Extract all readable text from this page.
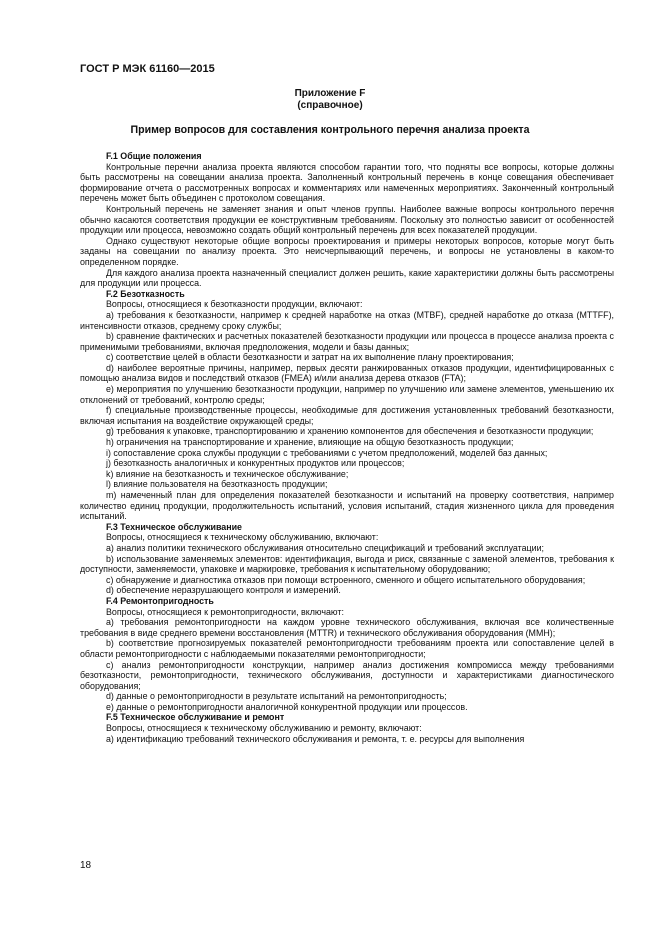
ГОСТ Р МЭК 61160—2015
Приложение F
(справочное)
Пример вопросов для составления контрольного перечня анализа проекта

F.1 Общие положения

Контрольные перечни анализа проекта являются способом гарантии того, что подняты все вопросы, которые должны быть рассмотрены на совещании анализа проекта. Заполненный контрольный перечень в конце совещания обеспечивает формирование отчета о рассмотренных вопросах и комментариях или намеченных мероприятиях. Законченный контрольный перечень может быть объединен с протоколом совещания.

Контрольный перечень не заменяет знания и опыт членов группы. Наиболее важные вопросы контрольного перечня обычно касаются соответствия продукции ее конструктивным требованиям. Поскольку это полностью зависит от особенностей продукции или процесса, невозможно создать общий контрольный перечень для всех показателей продукции.

Однако существуют некоторые общие вопросы проектирования и примеры некоторых вопросов, которые могут быть заданы на совещании по анализу проекта. Это неисчерпывающий перечень, и вопросы не установлены в каком-то определенном порядке.

Для каждого анализа проекта назначенный специалист должен решить, какие характеристики должны быть рассмотрены для продукции или процесса.

F.2 Безотказность

Вопросы, относящиеся к безотказности продукции, включают:

a) требования к безотказности, например к средней наработке на отказ (MTBF), средней наработке до отказа (MTTFF), интенсивности отказов, среднему сроку службы;

b) сравнение фактических и расчетных показателей безотказности продукции или процесса в процессе анализа проекта с применимыми требованиями, включая предположения, модели и базы данных;

c) соответствие целей в области безотказности и затрат на их выполнение плану проектирования;

d) наиболее вероятные причины, например, первых десяти ранжированных отказов продукции, идентифицированных с помощью анализа видов и последствий отказов (FMEA) и/или анализа дерева отказов (FTA);

e) мероприятия по улучшению безотказности продукции, например по улучшению или замене элементов, уменьшению их отклонений от требований, контролю среды;

f) специальные производственные процессы, необходимые для достижения установленных требований безотказности, включая испытания на воздействие окружающей среды;

g) требования к упаковке, транспортированию и хранению компонентов для обеспечения и безотказности продукции;

h) ограничения на транспортирование и хранение, влияющие на общую безотказность продукции;

i) сопоставление срока службы продукции с требованиями с учетом предположений, моделей баз данных;

j) безотказность аналогичных и конкурентных продуктов или процессов;

k) влияние на безотказность и техническое обслуживание;

l) влияние пользователя на безотказность продукции;

m) намеченный план для определения показателей безотказности и испытаний на проверку соответствия, например количество единиц продукции, продолжительность испытаний, условия испытаний, стадия жизненного цикла для проведения испытаний.

F.3 Техническое обслуживание

Вопросы, относящиеся к техническому обслуживанию, включают:

a) анализ политики технического обслуживания относительно спецификаций и требований эксплуатации;

b) использование заменяемых элементов: идентификация, выгода и риск, связанные с заменой элементов, требования к доступности, заменяемости, упаковке и маркировке, требования к испытательному оборудованию;

c) обнаружение и диагностика отказов при помощи встроенного, сменного и общего испытательного оборудования;

d) обеспечение неразрушающего контроля и измерений.

F.4 Ремонтопригодность

Вопросы, относящиеся к ремонтопригодности, включают:

a) требования ремонтопригодности на каждом уровне технического обслуживания, включая все количественные требования в виде среднего времени восстановления (MTTR) и технического обслуживания оборудования (MMH);

b) соответствие прогнозируемых показателей ремонтопригодности требованиям проекта или сопоставление целей в области ремонтопригодности с наблюдаемыми показателями ремонтопригодности;

c) анализ ремонтопригодности конструкции, например анализ достижения компромисса между требованиями безотказности, ремонтопригодности, технического обслуживания, доступности и характеристиками диагностического оборудования;

d) данные о ремонтопригодности в результате испытаний на ремонтопригодность;

e) данные о ремонтопригодности аналогичной конкурентной продукции или процессов.

F.5 Техническое обслуживание и ремонт

Вопросы, относящиеся к техническому обслуживанию и ремонту, включают:

a) идентификацию требований технического обслуживания и ремонта, т. е. ресурсы для выполнения

18
